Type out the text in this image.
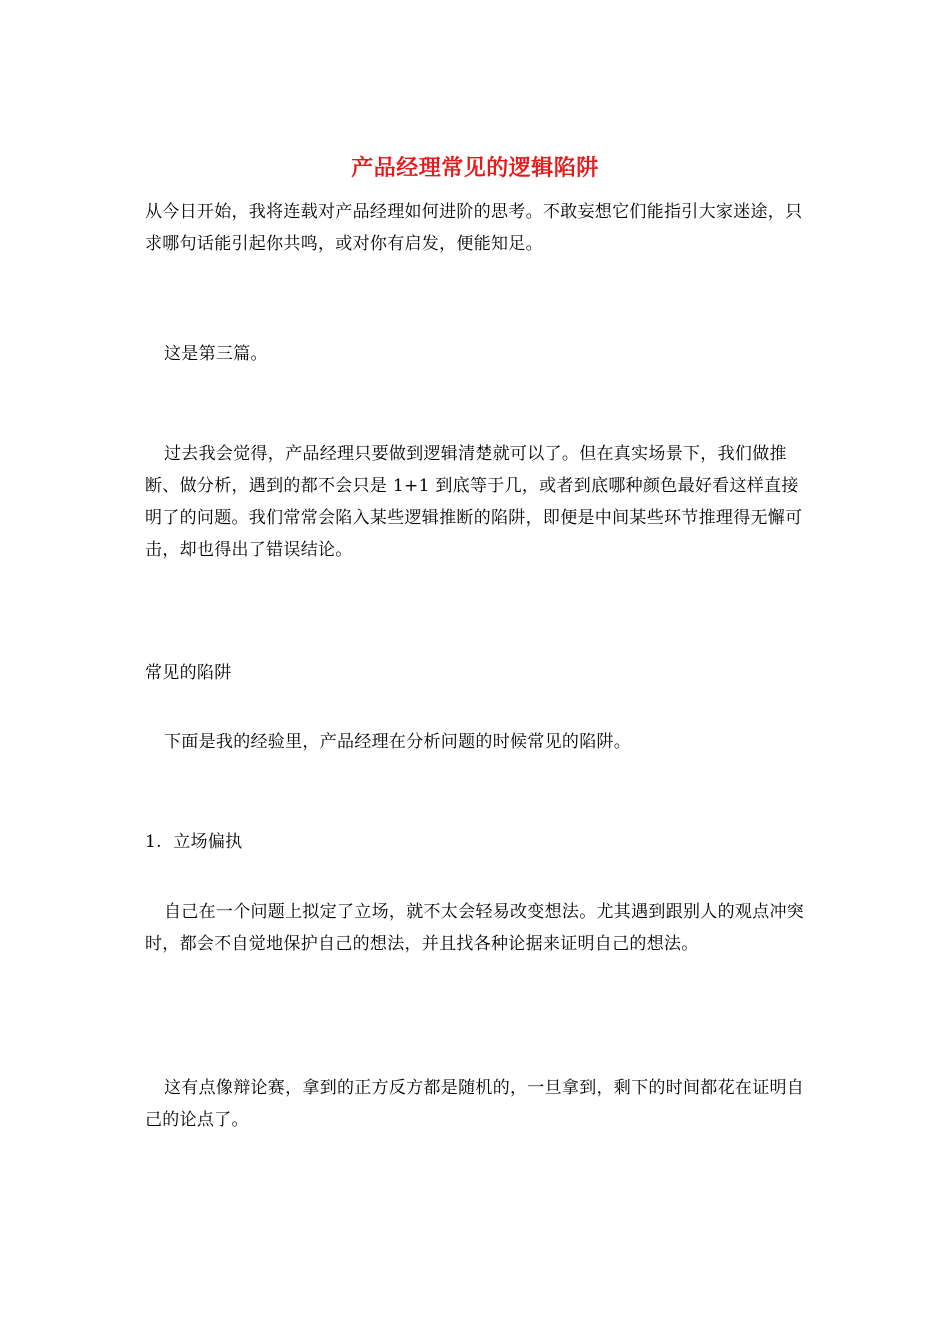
产品经理常见的逻辑陷阱
从今日开始，我将连载对产品经理如何进阶的思考。不敢妄想它们能指引大家迷途，只求哪句话能引起你共鸣，或对你有启发，便能知足。
这是第三篇。
过去我会觉得，产品经理只要做到逻辑清楚就可以了。但在真实场景下，我们做推断、做分析，遇到的都不会只是 1+1 到底等于几，或者到底哪种颜色最好看这样直接明了的问题。我们常常会陷入某些逻辑推断的陷阱，即便是中间某些环节推理得无懈可击，却也得出了错误结论。
常见的陷阱
下面是我的经验里，产品经理在分析问题的时候常见的陷阱。
1.  立场偏执
自己在一个问题上拟定了立场，就不太会轻易改变想法。尤其遇到跟别人的观点冲突时，都会不自觉地保护自己的想法，并且找各种论据来证明自己的想法。
这有点像辩论赛，拿到的正方反方都是随机的，一旦拿到，剩下的时间都花在证明自己的论点了。
